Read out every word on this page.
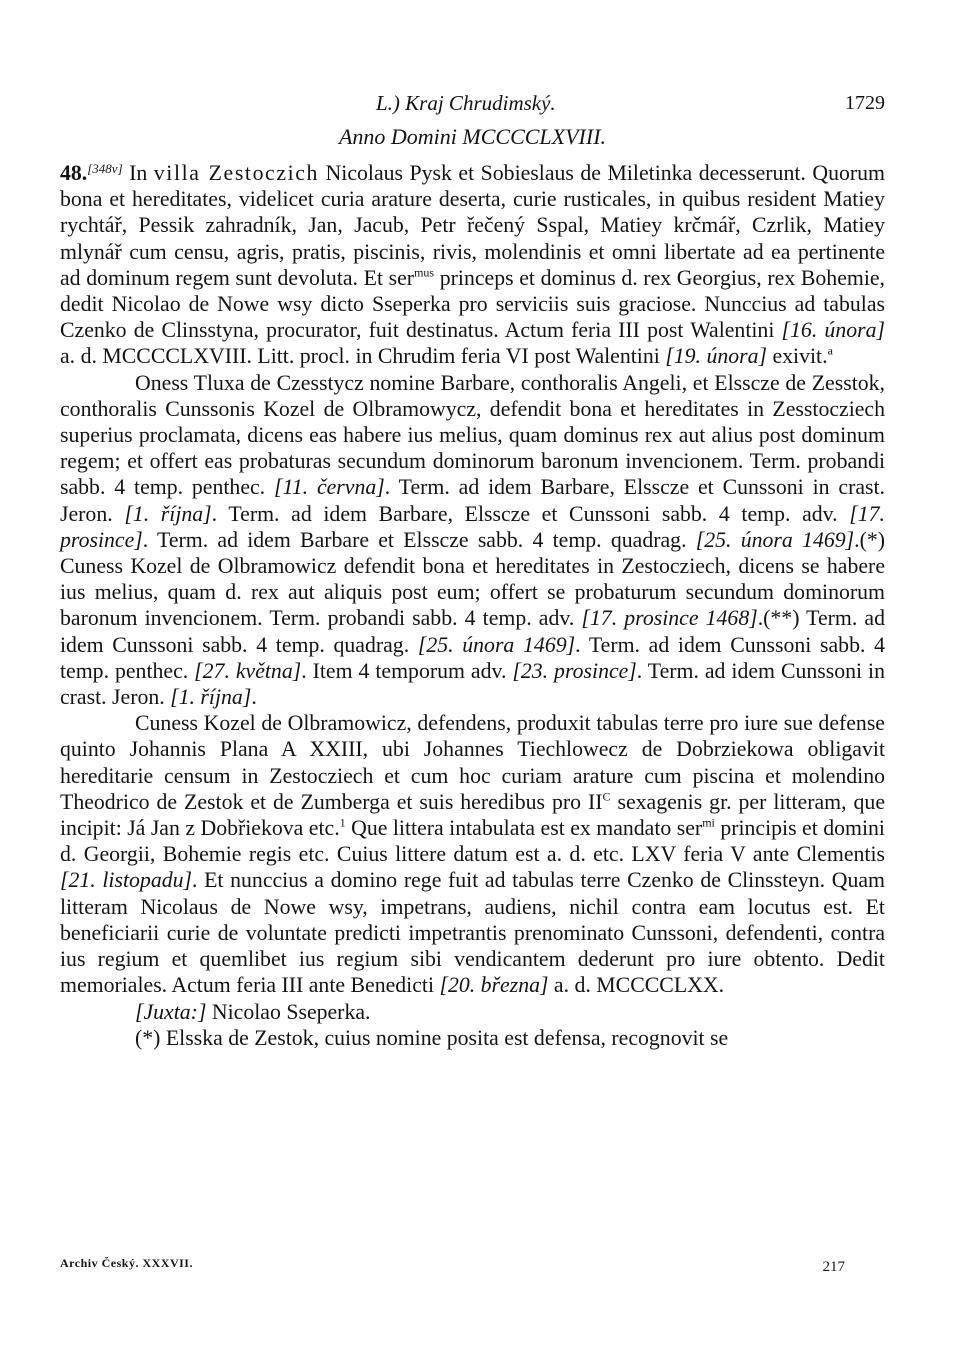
L.) Kraj Chrudimský.	1729
Anno Domini MCCCCLXVIII.

48.[348v] In villa Zestoczich Nicolaus Pysk et Sobieslaus de Miletinka decesserunt. Quorum bona et hereditates, videlicet curia arature deserta, curie rusticales, in quibus resident Matiey rychtář, Pessik zahradník, Jan, Jacub, Petr řečený Sspal, Matiey krčmář, Czrlik, Matiey mlynář cum censu, agris, pratis, piscinis, rivis, molendinis et omni libertate ad ea pertinente ad dominum regem sunt devoluta. Et ser$^{mus}$ princeps et dominus d. rex Georgius, rex Bohemie, dedit Nicolao de Nowe wsy dicto Sseperka pro serviciis suis graciose. Nunccius ad tabulas Czenko de Clinsstyna, procurator, fuit destinatus. Actum feria III post Walentini [16. února] a. d. MCCCCLXVIII. Litt. procl. in Chrudim feria VI post Walentini [19. února] exivit.$^a$

Oness Tluxa de Czesstycz nomine Barbare, conthoralis Angeli, et Elsscze de Zesstok, conthoralis Cunssonis Kozel de Olbramowycz, defendit bona et hereditates in Zesstocziech superius proclamata, dicens eas habere ius melius, quam dominus rex aut alius post dominum regem; et offert eas probaturas secundum dominorum baronum invencionem. Term. probandi sabb. 4 temp. penthec. [11. června]. Term. ad idem Barbare, Elsscze et Cunssoni in crast. Jeron. [1. října]. Term. ad idem Barbare, Elsscze et Cunssoni sabb. 4 temp. adv. [17. prosince]. Term. ad idem Barbare et Elsscze sabb. 4 temp. quadrag. [25. února 1469].(*) Cuness Kozel de Olbramowicz defendit bona et hereditates in Zestocziech, dicens se habere ius melius, quam d. rex aut aliquis post eum; offert se probaturum secundum dominorum baronum invencionem. Term. probandi sabb. 4 temp. adv. [17. prosince 1468].(**) Term. ad idem Cunssoni sabb. 4 temp. quadrag. [25. února 1469]. Term. ad idem Cunssoni sabb. 4 temp. penthec. [27. května]. Item 4 temporum adv. [23. prosince]. Term. ad idem Cunssoni in crast. Jeron. [1. října].

Cuness Kozel de Olbramowicz, defendens, produxit tabulas terre pro iure sue defense quinto Johannis Plana A XXIII, ubi Johannes Tiechlowecz de Dobrziekowa obligavit hereditarie censum in Zestocziech et cum hoc curiam arature cum piscina et molendino Theodrico de Zestok et de Zumberga et suis heredibus pro $II^C$ sexagenis gr. per litteram, que incipit: Já Jan z Dobřiekova etc.$^1$ Que littera intabulata est ex mandato ser$^{mi}$ principis et domini d. Georgii, Bohemie regis etc. Cuius littere datum est a. d. etc. LXV feria V ante Clementis [21. listopadu]. Et nunccius a domino rege fuit ad tabulas terre Czenko de Clinssteyn. Quam litteram Nicolaus de Nowe wsy, impetrans, audiens, nichil contra eam locutus est. Et beneficiarii curie de voluntate predicti impetrantis prenominato Cunssoni, defendenti, contra ius regium et quemlibet ius regium sibi vendicantem dederunt pro iure obtento. Dedit memoriales. Actum feria III ante Benedicti [20. března] a. d. MCCCCLXX.

[Juxta:] Nicolao Sseperka.

(*) Elsska de Zestok, cuius nomine posita est defensa, recognovit se

Archiv Český. XXXVII.	217
